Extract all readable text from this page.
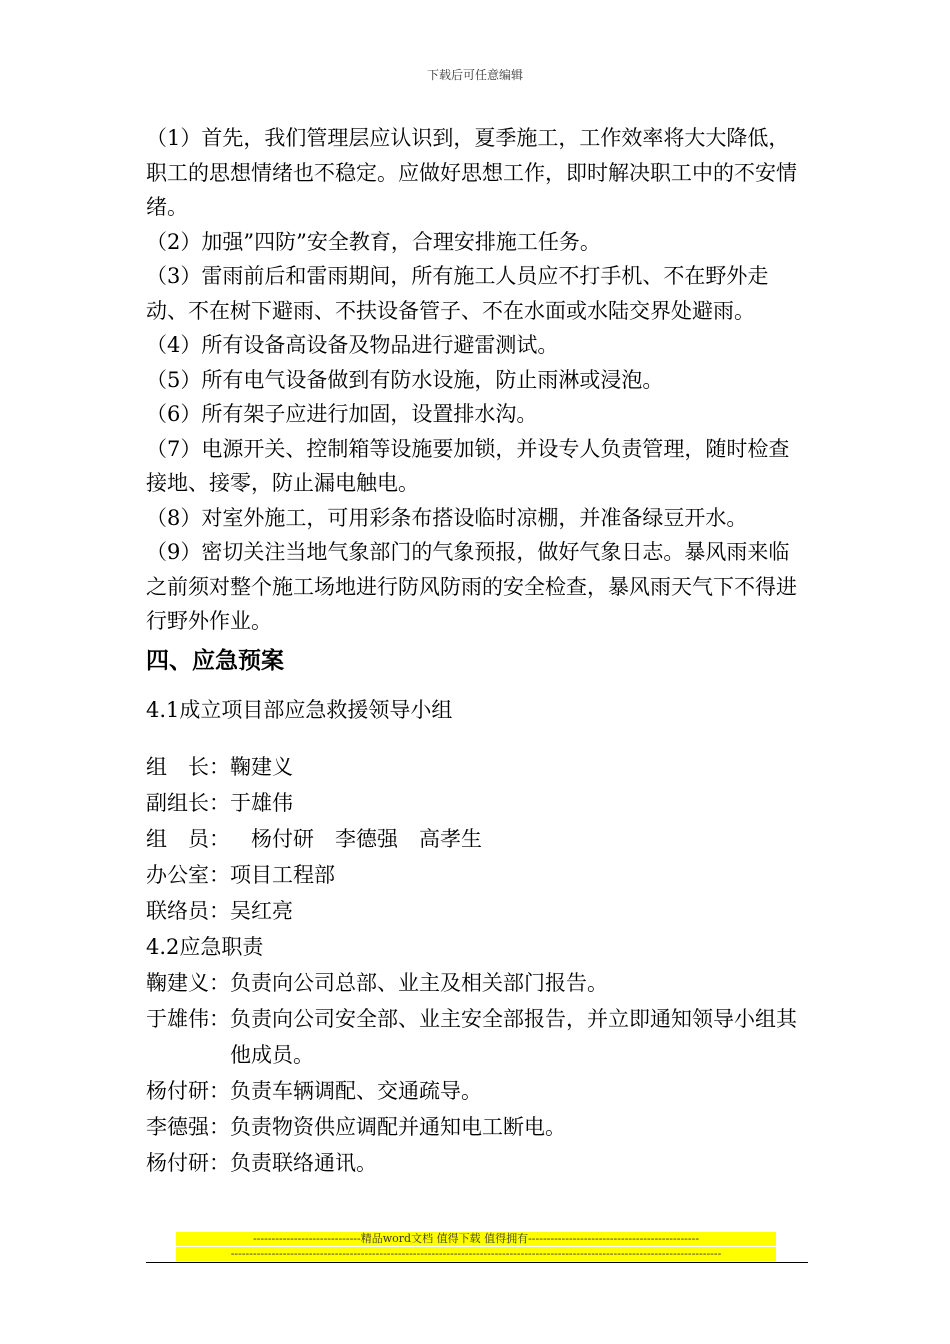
下载后可任意编辑

（1）首先，我们管理层应认识到，夏季施工，工作效率将大大降低，职工的思想情绪也不稳定。应做好思想工作，即时解决职工中的不安情绪。

（2）加强”四防”安全教育，合理安排施工任务。

（3）雷雨前后和雷雨期间，所有施工人员应不打手机、不在野外走动、不在树下避雨、不扶设备管子、不在水面或水陆交界处避雨。

（4）所有设备高设备及物品进行避雷测试。

（5）所有电气设备做到有防水设施，防止雨淋或浸泡。

（6）所有架子应进行加固，设置排水沟。

（7）电源开关、控制箱等设施要加锁，并设专人负责管理，随时检查接地、接零，防止漏电触电。

（8）对室外施工，可用彩条布搭设临时凉棚，并准备绿豆开水。

（9）密切关注当地气象部门的气象预报，做好气象日志。暴风雨来临之前须对整个施工场地进行防风防雨的安全检查，暴风雨天气下不得进行野外作业。

四、应急预案

4.1成立项目部应急救援领导小组

组　长： 鞠建义
副组长： 于雄伟
组　员： 　杨付研　李德强　高孝生
办公室： 项目工程部
联络员： 吴红亮
4.2应急职责
鞠建义： 负责向公司总部、业主及相关部门报告。
于雄伟： 负责向公司安全部、业主安全部报告，并立即通知领导小组其他成员。
杨付研： 负责车辆调配、交通疏导。
李德强： 负责物资供应调配并通知电工断电。
杨付研： 负责联络通讯。
-----------------------------精品word文档 值得下载 值得拥有----------------------------------------------
------------------------------------------------------------------------------------------------------------------------------------
